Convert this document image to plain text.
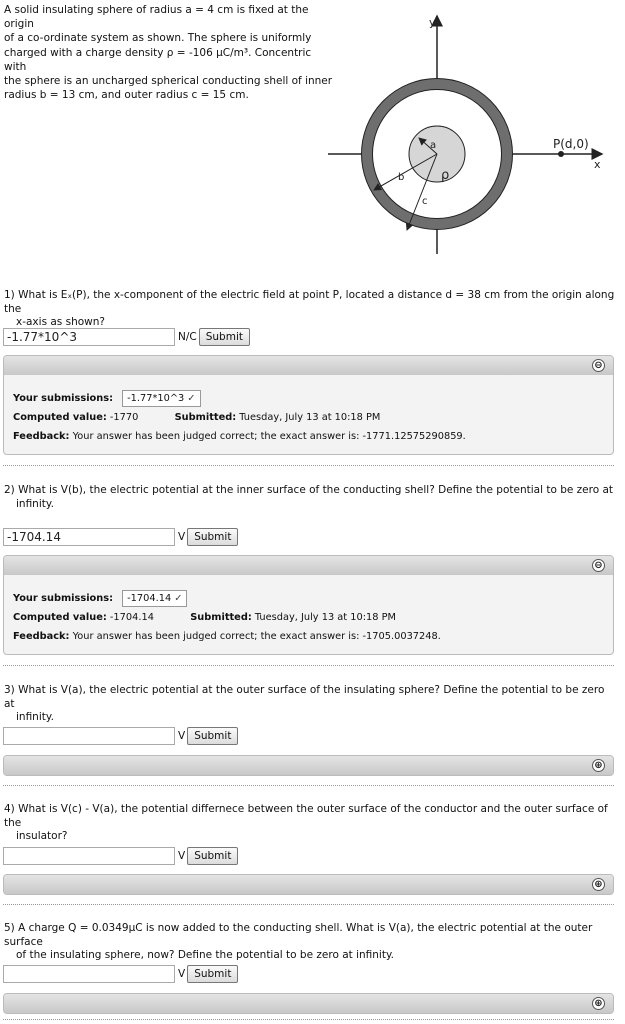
A solid insulating sphere of radius a = 4 cm is fixed at the origin

of a co-ordinate system as shown. The sphere is uniformly

charged with a charge density ρ = -106 μC/m³. Concentric with

the sphere is an uncharged spherical conducting shell of inner

radius b = 13 cm, and outer radius c = 15 cm.

P(d,0)
y
x
a
b
c
ρ
1) What is Eₓ(P), the x-component of the electric field at point P, located a distance d = 38 cm from the origin along the
x-axis as shown?
-1.77*10^3
N/C Submit
⊖
Your submissions: -1.77*10^3 ✓
Computed value: -1770	Submitted: Tuesday, July 13 at 10:18 PM
Feedback: Your answer has been judged correct; the exact answer is: -1771.12575290859.
2) What is V(b), the electric potential at the inner surface of the conducting shell? Define the potential to be zero at
infinity.
-1704.14
V Submit
⊖
Your submissions: -1704.14 ✓
Computed value: -1704.14	Submitted: Tuesday, July 13 at 10:18 PM
Feedback: Your answer has been judged correct; the exact answer is: -1705.0037248.
3) What is V(a), the electric potential at the outer surface of the insulating sphere? Define the potential to be zero at
infinity.
V Submit
⊕
4) What is V(c) - V(a), the potential differnece between the outer surface of the conductor and the outer surface of the
insulator?
V Submit
⊕
5) A charge Q = 0.0349μC is now added to the conducting shell. What is V(a), the electric potential at the outer surface
of the insulating sphere, now? Define the potential to be zero at infinity.
V Submit
⊕
